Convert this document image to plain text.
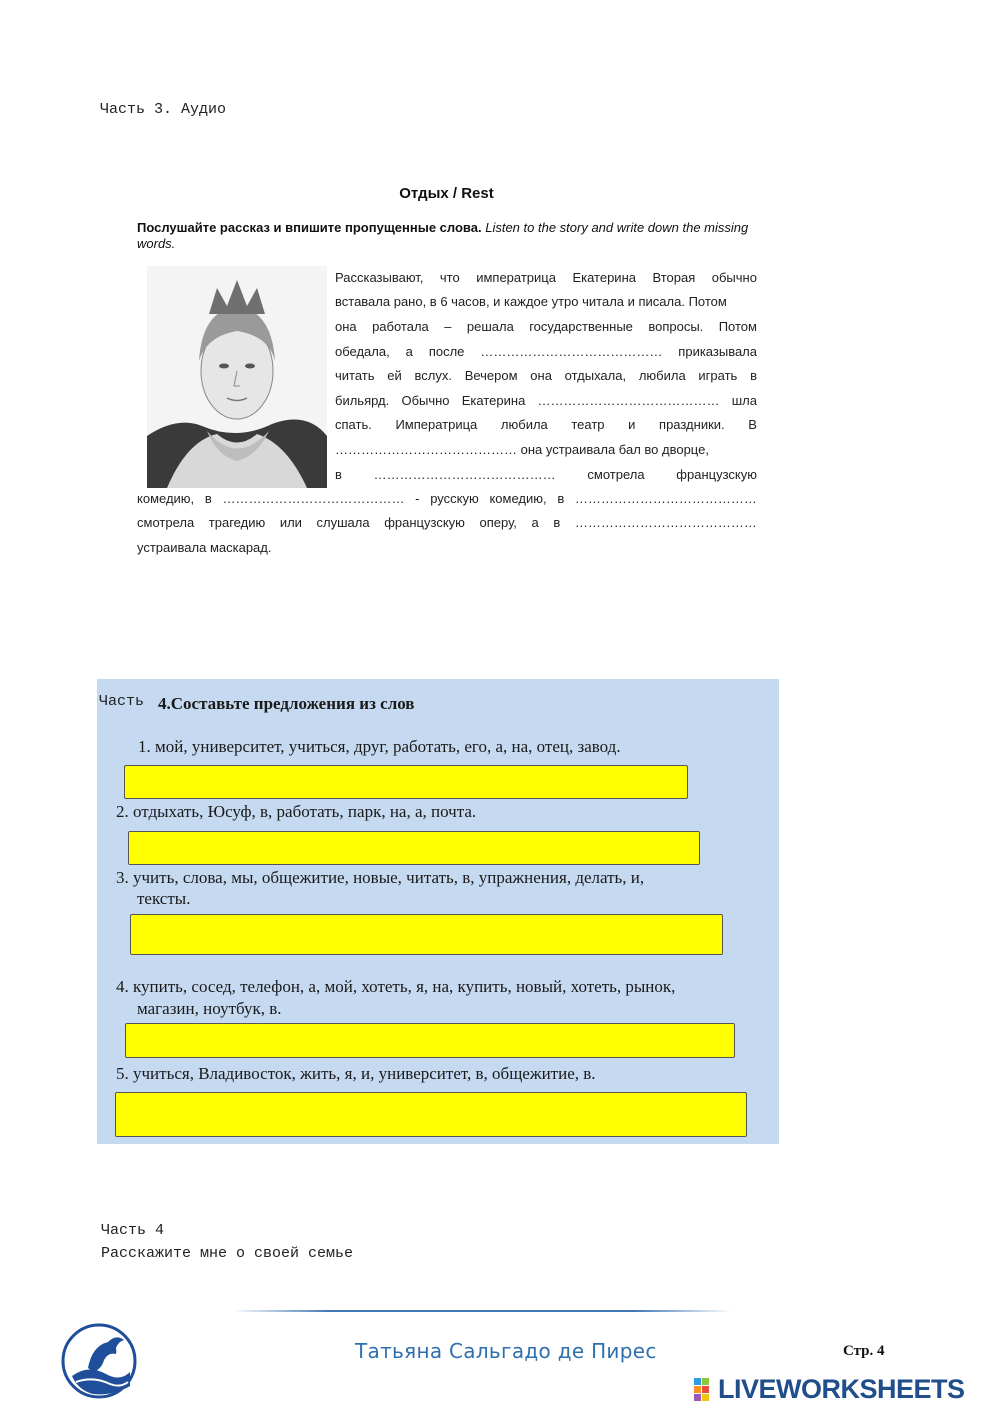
Часть 3. Аудио
Отдых / Rest
Послушайте рассказ и впишите пропущенные слова. Listen to the story and write down the missing words.
Рассказывают, что императрица Екатерина Вторая обычно
вставала рано, в 6 часов, и каждое утро читала и писала. Потом
она работала – решала государственные вопросы. Потом
обедала, а после …………………………………… приказывала
читать ей вслух. Вечером она отдыхала, любила играть в
бильярд. Обычно Екатерина …………………………………… шла
спать. Императрица любила театр и праздники. В
…………………………………… она устраивала бал во дворце,
в …………………………………… смотрела французскую
комедию, в …………………………………… - русскую комедию, в ……………………………………
смотрела трагедию или слушала французскую оперу, а в ……………………………………
устраивала маскарад.
Часть 4.Составьте предложения из слов
1. мой, университет, учиться, друг, работать, его, а, на, отец, завод.
2. отдыхать, Юсуф, в, работать, парк, на, а, почта.
3. учить, слова, мы, общежитие, новые, читать, в, упражнения, делать, и,
тексты.
4. купить, сосед, телефон, а, мой, хотеть, я, на, купить, новый, хотеть, рынок,
магазин, ноутбук, в.
5. учиться, Владивосток, жить, я, и, университет, в, общежитие, в.
Часть 4
Расскажите мне о своей семье
Татьяна Сальгадо де Пирес	Стр. 4
LIVEWORKSHEETS
